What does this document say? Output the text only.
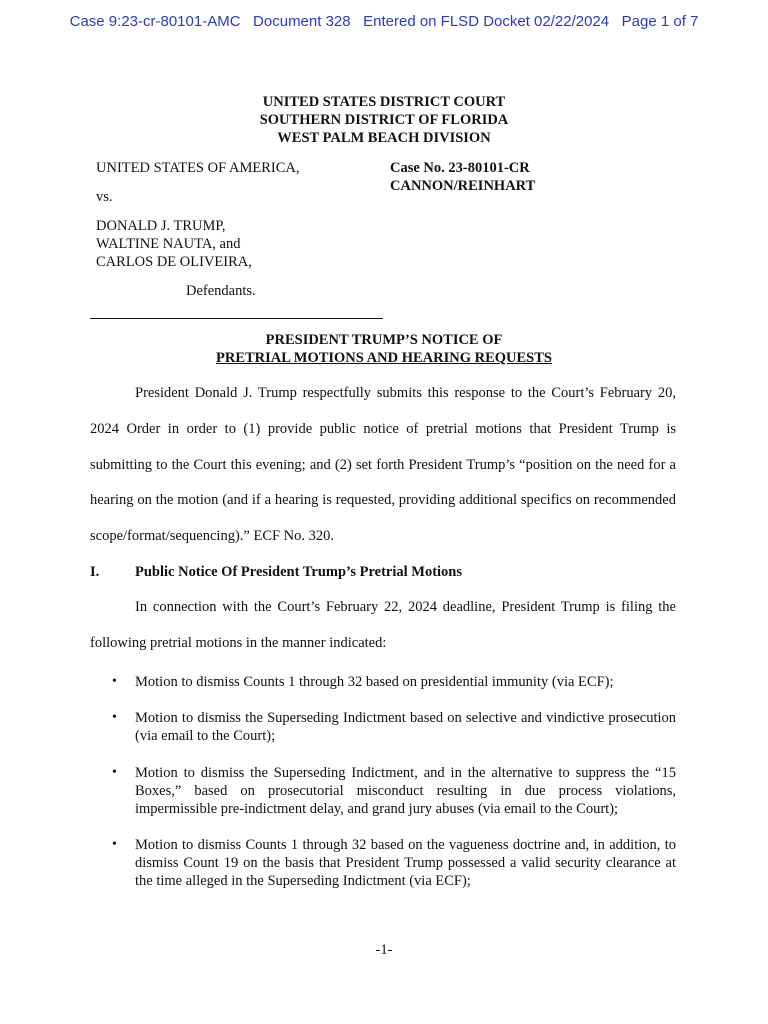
Case 9:23-cr-80101-AMC Document 328 Entered on FLSD Docket 02/22/2024 Page 1 of 7
UNITED STATES DISTRICT COURT
SOUTHERN DISTRICT OF FLORIDA
WEST PALM BEACH DIVISION
UNITED STATES OF AMERICA,
vs.
DONALD J. TRUMP,
WALTINE NAUTA, and
CARLOS DE OLIVEIRA,
Defendants.
Case No. 23-80101-CR
CANNON/REINHART
PRESIDENT TRUMP’S NOTICE OF
PRETRIAL MOTIONS AND HEARING REQUESTS

President Donald J. Trump respectfully submits this response to the Court’s February 20, 2024 Order in order to (1) provide public notice of pretrial motions that President Trump is submitting to the Court this evening; and (2) set forth President Trump’s “position on the need for a hearing on the motion (and if a hearing is requested, providing additional specifics on recommended scope/format/sequencing).” ECF No. 320.

I. Public Notice Of President Trump’s Pretrial Motions

In connection with the Court’s February 22, 2024 deadline, President Trump is filing the following pretrial motions in the manner indicated:

• Motion to dismiss Counts 1 through 32 based on presidential immunity (via ECF);
• Motion to dismiss the Superseding Indictment based on selective and vindictive prosecution (via email to the Court);
• Motion to dismiss the Superseding Indictment, and in the alternative to suppress the “15 Boxes,” based on prosecutorial misconduct resulting in due process violations, impermissible pre-indictment delay, and grand jury abuses (via email to the Court);
• Motion to dismiss Counts 1 through 32 based on the vagueness doctrine and, in addition, to dismiss Count 19 on the basis that President Trump possessed a valid security clearance at the time alleged in the Superseding Indictment (via ECF);
-1-
